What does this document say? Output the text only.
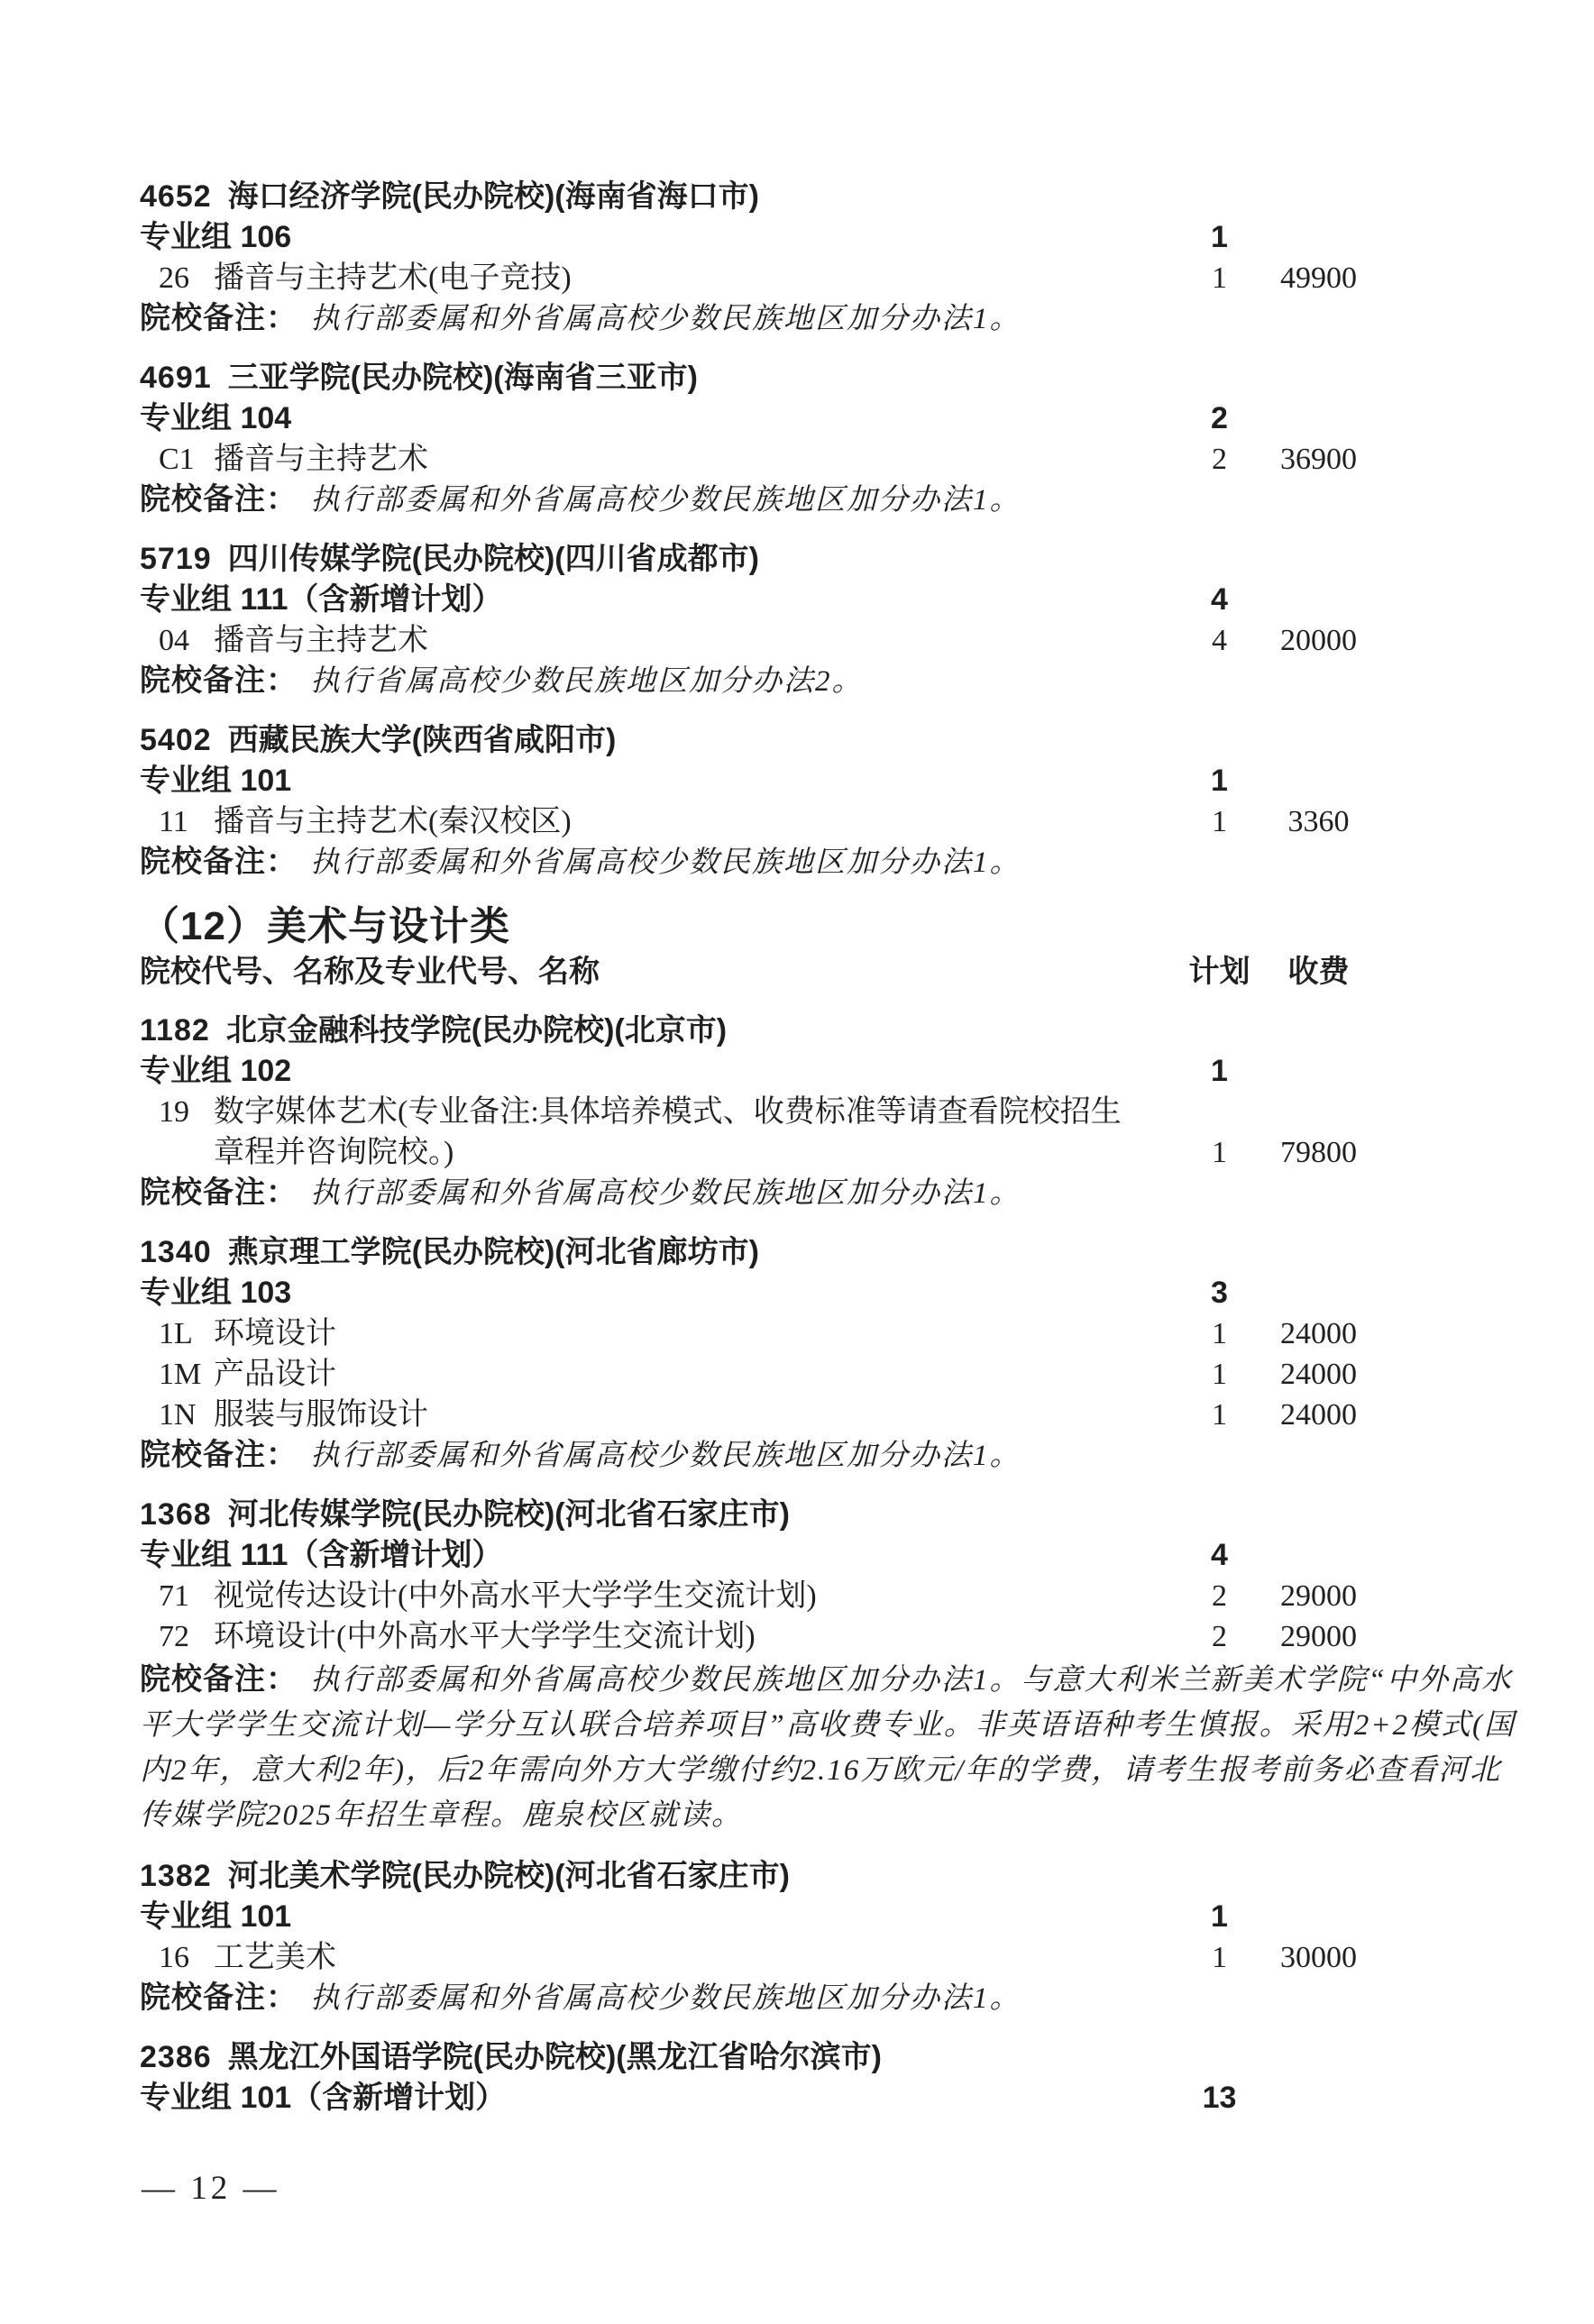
4652 海口经济学院(民办院校)(海南省海口市)
专业组 106	1
26 播音与主持艺术(电子竞技)	1	49900
院校备注： 执行部委属和外省属高校少数民族地区加分办法1。
4691 三亚学院(民办院校)(海南省三亚市)
专业组 104	2
C1 播音与主持艺术	2	36900
院校备注： 执行部委属和外省属高校少数民族地区加分办法1。
5719 四川传媒学院(民办院校)(四川省成都市)
专业组 111（含新增计划）	4
04 播音与主持艺术	4	20000
院校备注： 执行省属高校少数民族地区加分办法2。
5402 西藏民族大学(陕西省咸阳市)
专业组 101	1
11 播音与主持艺术(秦汉校区)	1	3360
院校备注： 执行部委属和外省属高校少数民族地区加分办法1。
（12）美术与设计类
院校代号、名称及专业代号、名称	计划	收费
1182 北京金融科技学院(民办院校)(北京市)
专业组 102	1
19 数字媒体艺术(专业备注:具体培养模式、收费标准等请查看院校招生章程并咨询院校。)	1	79800
院校备注： 执行部委属和外省属高校少数民族地区加分办法1。
1340 燕京理工学院(民办院校)(河北省廊坊市)
专业组 103	3
1L 环境设计	1	24000
1M 产品设计	1	24000
1N 服装与服饰设计	1	24000
院校备注： 执行部委属和外省属高校少数民族地区加分办法1。
1368 河北传媒学院(民办院校)(河北省石家庄市)
专业组 111（含新增计划）	4
71 视觉传达设计(中外高水平大学学生交流计划)	2	29000
72 环境设计(中外高水平大学学生交流计划)	2	29000
院校备注： 执行部委属和外省属高校少数民族地区加分办法1。与意大利米兰新美术学院“中外高水平大学学生交流计划—学分互认联合培养项目”高收费专业。非英语语种考生慎报。采用2+2模式(国内2年，意大利2年)，后2年需向外方大学缴付约2.16万欧元/年的学费，请考生报考前务必查看河北传媒学院2025年招生章程。鹿泉校区就读。
1382 河北美术学院(民办院校)(河北省石家庄市)
专业组 101	1
16 工艺美术	1	30000
院校备注： 执行部委属和外省属高校少数民族地区加分办法1。
2386 黑龙江外国语学院(民办院校)(黑龙江省哈尔滨市)
专业组 101（含新增计划）	13
— 12 —
